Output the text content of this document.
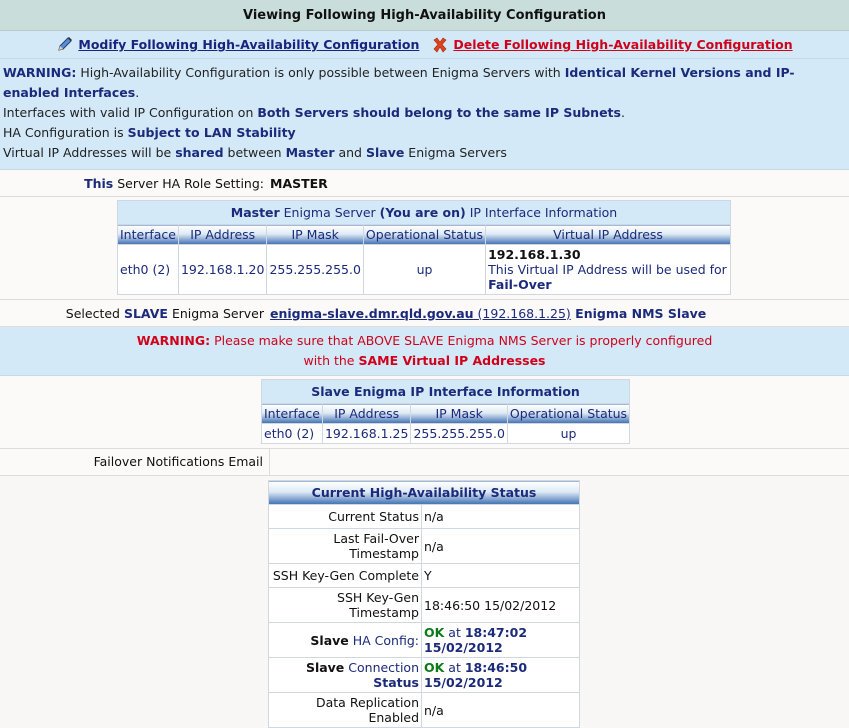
Viewing Following High-Availability Configuration
Modify Following High-Availability Configuration	Delete Following High-Availability Configuration
WARNING: High-Availability Configuration is only possible between Enigma Servers with Identical Kernel Versions and IP-enabled Interfaces.
Interfaces with valid IP Configuration on Both Servers should belong to the same IP Subnets.
HA Configuration is Subject to LAN Stability
Virtual IP Addresses will be shared between Master and Slave Enigma Servers
This Server HA Role Setting: MASTER
Master Enigma Server (You are on) IP Interface Information				
Interface	IP Address	IP Mask	Operational Status	Virtual IP Address
eth0 (2)	192.168.1.20	255.255.255.0	up	192.168.1.30
This Virtual IP Address will be used for Fail-Over
Selected SLAVE Enigma Server enigma-slave.dmr.qld.gov.au (192.168.1.25) Enigma NMS Slave
WARNING: Please make sure that ABOVE SLAVE Enigma NMS Server is properly configured
with the SAME Virtual IP Addresses
Slave Enigma IP Interface Information			
Interface	IP Address	IP Mask	Operational Status
eth0 (2)	192.168.1.25	255.255.255.0	up
Failover Notifications Email
Current High-Availability Status	
Current Status	n/a
Last Fail-Over Timestamp	n/a
SSH Key-Gen Complete	Y
SSH Key-Gen Timestamp	18:46:50 15/02/2012
Slave HA Config:	OK at 18:47:02 15/02/2012
Slave Connection Status	OK at 18:46:50 15/02/2012
Data Replication Enabled	n/a
